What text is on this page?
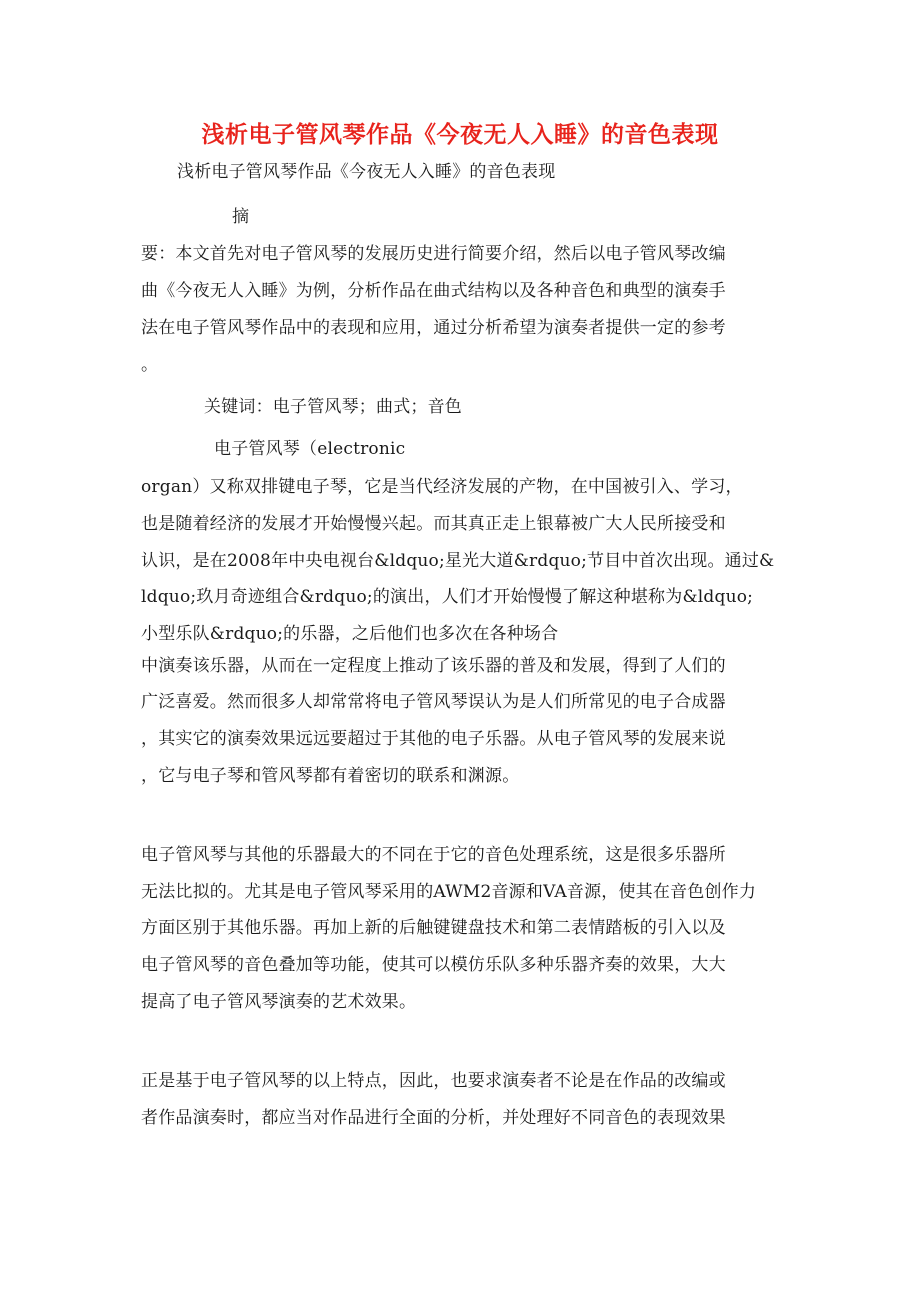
浅析电子管风琴作品《今夜无人入睡》的音色表现
浅析电子管风琴作品《今夜无人入睡》的音色表现
摘
要：本文首先对电子管风琴的发展历史进行简要介绍，然后以电子管风琴改编
曲《今夜无人入睡》为例，分析作品在曲式结构以及各种音色和典型的演奏手
法在电子管风琴作品中的表现和应用，通过分析希望为演奏者提供一定的参考
。
关键词：电子管风琴；曲式；音色
电子管风琴（electronic
organ）又称双排键电子琴，它是当代经济发展的产物，在中国被引入、学习，
也是随着经济的发展才开始慢慢兴起。而其真正走上银幕被广大人民所接受和
认识，是在2008年中央电视台&ldquo;星光大道&rdquo;节目中首次出现。通过&
ldquo;玖月奇迹组合&rdquo;的演出，人们才开始慢慢了解这种堪称为&ldquo;
小型乐队&rdquo;的乐器，之后他们也多次在各种场合
中演奏该乐器，从而在一定程度上推动了该乐器的普及和发展，得到了人们的
广泛喜爱。然而很多人却常常将电子管风琴误认为是人们所常见的电子合成器
，其实它的演奏效果远远要超过于其他的电子乐器。从电子管风琴的发展来说
，它与电子琴和管风琴都有着密切的联系和渊源。
电子管风琴与其他的乐器最大的不同在于它的音色处理系统，这是很多乐器所
无法比拟的。尤其是电子管风琴采用的AWM2音源和VA音源，使其在音色创作力
方面区别于其他乐器。再加上新的后触键键盘技术和第二表情踏板的引入以及
电子管风琴的音色叠加等功能，使其可以模仿乐队多种乐器齐奏的效果，大大
提高了电子管风琴演奏的艺术效果。
正是基于电子管风琴的以上特点，因此，也要求演奏者不论是在作品的改编或
者作品演奏时，都应当对作品进行全面的分析，并处理好不同音色的表现效果
